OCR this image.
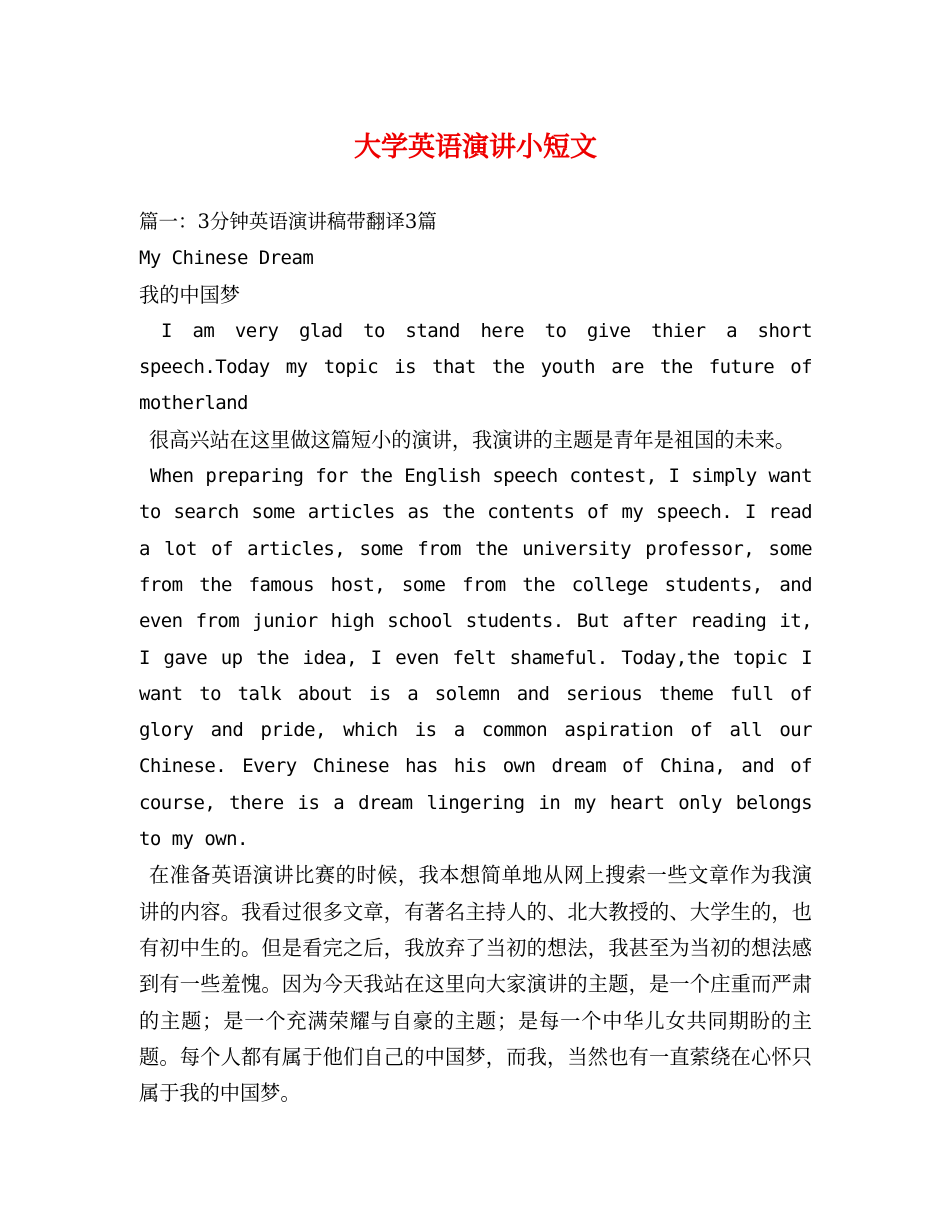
大学英语演讲小短文

篇一：3分钟英语演讲稿带翻译3篇

My Chinese Dream

我的中国梦

I am very glad to stand here to give thier a short speech.Today my topic is that the youth are the future of motherland

很高兴站在这里做这篇短小的演讲，我演讲的主题是青年是祖国的未来。

When preparing for the English speech contest, I simply want to search some articles as the contents of my speech. I read a lot of articles, some from the university professor, some from the famous host, some from the college students, and even from junior high school students. But after reading it, I gave up the idea, I even felt shameful. Today,the topic I want to talk about is a solemn and serious theme full of glory and pride, which is a common aspiration of all our Chinese. Every Chinese has his own dream of China, and of course, there is a dream lingering in my heart only belongs to my own.

在准备英语演讲比赛的时候，我本想简单地从网上搜索一些文章作为我演讲的内容。我看过很多文章，有著名主持人的、北大教授的、大学生的，也有初中生的。但是看完之后，我放弃了当初的想法，我甚至为当初的想法感到有一些羞愧。因为今天我站在这里向大家演讲的主题，是一个庄重而严肃的主题；是一个充满荣耀与自豪的主题；是每一个中华儿女共同期盼的主题。每个人都有属于他们自己的中国梦，而我，当然也有一直萦绕在心怀只属于我的中国梦。
